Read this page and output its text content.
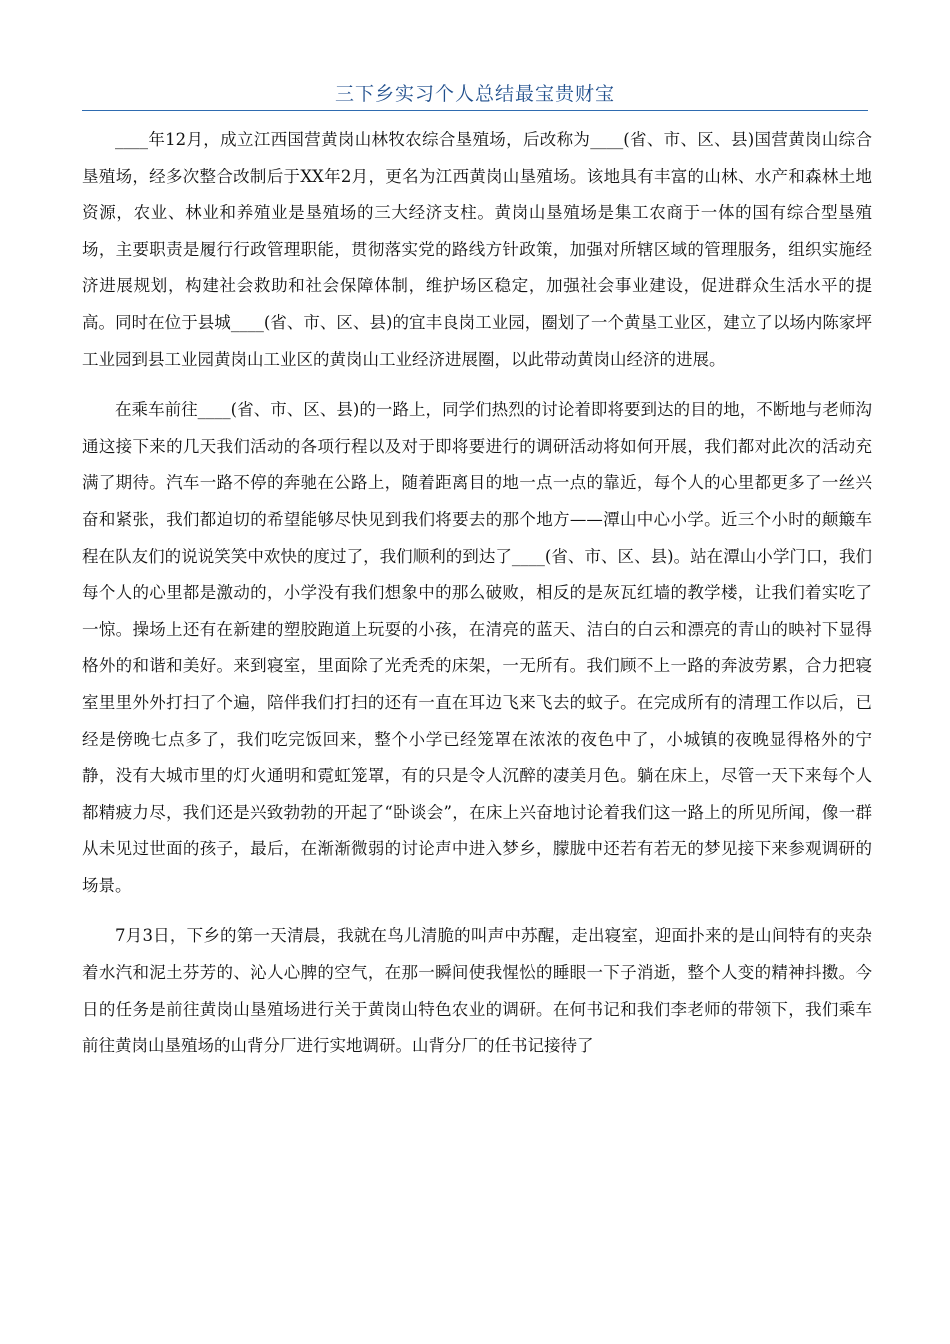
三下乡实习个人总结最宝贵财宝

____年12月，成立江西国营黄岗山林牧农综合垦殖场，后改称为____(省、市、区、县)国营黄岗山综合垦殖场，经多次整合改制后于XX年2月，更名为江西黄岗山垦殖场。该地具有丰富的山林、水产和森林土地资源，农业、林业和养殖业是垦殖场的三大经济支柱。黄岗山垦殖场是集工农商于一体的国有综合型垦殖场，主要职责是履行行政管理职能，贯彻落实党的路线方针政策，加强对所辖区域的管理服务，组织实施经济进展规划，构建社会救助和社会保障体制，维护场区稳定，加强社会事业建设，促进群众生活水平的提高。同时在位于县城____(省、市、区、县)的宜丰良岗工业园，圈划了一个黄垦工业区，建立了以场内陈家坪工业园到县工业园黄岗山工业区的黄岗山工业经济进展圈，以此带动黄岗山经济的进展。

在乘车前往____(省、市、区、县)的一路上，同学们热烈的讨论着即将要到达的目的地，不断地与老师沟通这接下来的几天我们活动的各项行程以及对于即将要进行的调研活动将如何开展，我们都对此次的活动充满了期待。汽车一路不停的奔驰在公路上，随着距离目的地一点一点的靠近，每个人的心里都更多了一丝兴奋和紧张，我们都迫切的希望能够尽快见到我们将要去的那个地方——潭山中心小学。近三个小时的颠簸车程在队友们的说说笑笑中欢快的度过了，我们顺利的到达了____(省、市、区、县)。站在潭山小学门口，我们每个人的心里都是激动的，小学没有我们想象中的那么破败，相反的是灰瓦红墙的教学楼，让我们着实吃了一惊。操场上还有在新建的塑胶跑道上玩耍的小孩，在清亮的蓝天、洁白的白云和漂亮的青山的映衬下显得格外的和谐和美好。来到寝室，里面除了光秃秃的床架，一无所有。我们顾不上一路的奔波劳累，合力把寝室里里外外打扫了个遍，陪伴我们打扫的还有一直在耳边飞来飞去的蚊子。在完成所有的清理工作以后，已经是傍晚七点多了，我们吃完饭回来，整个小学已经笼罩在浓浓的夜色中了，小城镇的夜晚显得格外的宁静，没有大城市里的灯火通明和霓虹笼罩，有的只是令人沉醉的凄美月色。躺在床上，尽管一天下来每个人都精疲力尽，我们还是兴致勃勃的开起了“卧谈会”，在床上兴奋地讨论着我们这一路上的所见所闻，像一群从未见过世面的孩子，最后，在渐渐微弱的讨论声中进入梦乡，朦胧中还若有若无的梦见接下来参观调研的场景。

7月3日，下乡的第一天清晨，我就在鸟儿清脆的叫声中苏醒，走出寝室，迎面扑来的是山间特有的夹杂着水汽和泥土芬芳的、沁人心脾的空气，在那一瞬间使我惺忪的睡眼一下子消逝，整个人变的精神抖擞。今日的任务是前往黄岗山垦殖场进行关于黄岗山特色农业的调研。在何书记和我们李老师的带领下，我们乘车前往黄岗山垦殖场的山背分厂进行实地调研。山背分厂的任书记接待了
